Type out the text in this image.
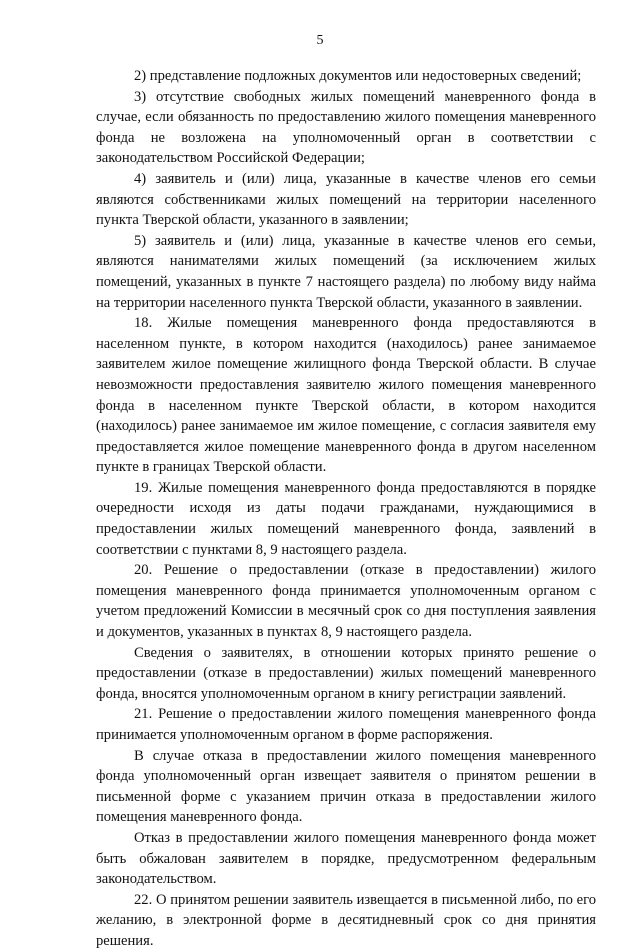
5

2) представление подложных документов или недостоверных сведений;

3) отсутствие свободных жилых помещений маневренного фонда в случае, если обязанность по предоставлению жилого помещения маневренного фонда не возложена на уполномоченный орган в соответствии с законодательством Российской Федерации;

4) заявитель и (или) лица, указанные в качестве членов его семьи являются собственниками жилых помещений на территории населенного пункта Тверской области, указанного в заявлении;

5) заявитель и (или) лица, указанные в качестве членов его семьи, являются нанимателями жилых помещений (за исключением жилых помещений, указанных в пункте 7 настоящего раздела) по любому виду найма на территории населенного пункта Тверской области, указанного в заявлении.

18. Жилые помещения маневренного фонда предоставляются в населенном пункте, в котором находится (находилось) ранее занимаемое заявителем жилое помещение жилищного фонда Тверской области. В случае невозможности предоставления заявителю жилого помещения маневренного фонда в населенном пункте Тверской области, в котором находится (находилось) ранее занимаемое им жилое помещение, с согласия заявителя ему предоставляется жилое помещение маневренного фонда в другом населенном пункте в границах Тверской области.

19. Жилые помещения маневренного фонда предоставляются в порядке очередности исходя из даты подачи гражданами, нуждающимися в предоставлении жилых помещений маневренного фонда, заявлений в соответствии с пунктами 8, 9 настоящего раздела.

20. Решение о предоставлении (отказе в предоставлении) жилого помещения маневренного фонда принимается уполномоченным органом с учетом предложений Комиссии в месячный срок со дня поступления заявления и документов, указанных в пунктах 8, 9 настоящего раздела.

Сведения о заявителях, в отношении которых принято решение о предоставлении (отказе в предоставлении) жилых помещений маневренного фонда, вносятся уполномоченным органом в книгу регистрации заявлений.

21. Решение о предоставлении жилого помещения маневренного фонда принимается уполномоченным органом в форме распоряжения.

В случае отказа в предоставлении жилого помещения маневренного фонда уполномоченный орган извещает заявителя о принятом решении в письменной форме с указанием причин отказа в предоставлении жилого помещения маневренного фонда.

Отказ в предоставлении жилого помещения маневренного фонда может быть обжалован заявителем в порядке, предусмотренном федеральным законодательством.

22. О принятом решении заявитель извещается в письменной либо, по его желанию, в электронной форме в десятидневный срок со дня принятия решения.
